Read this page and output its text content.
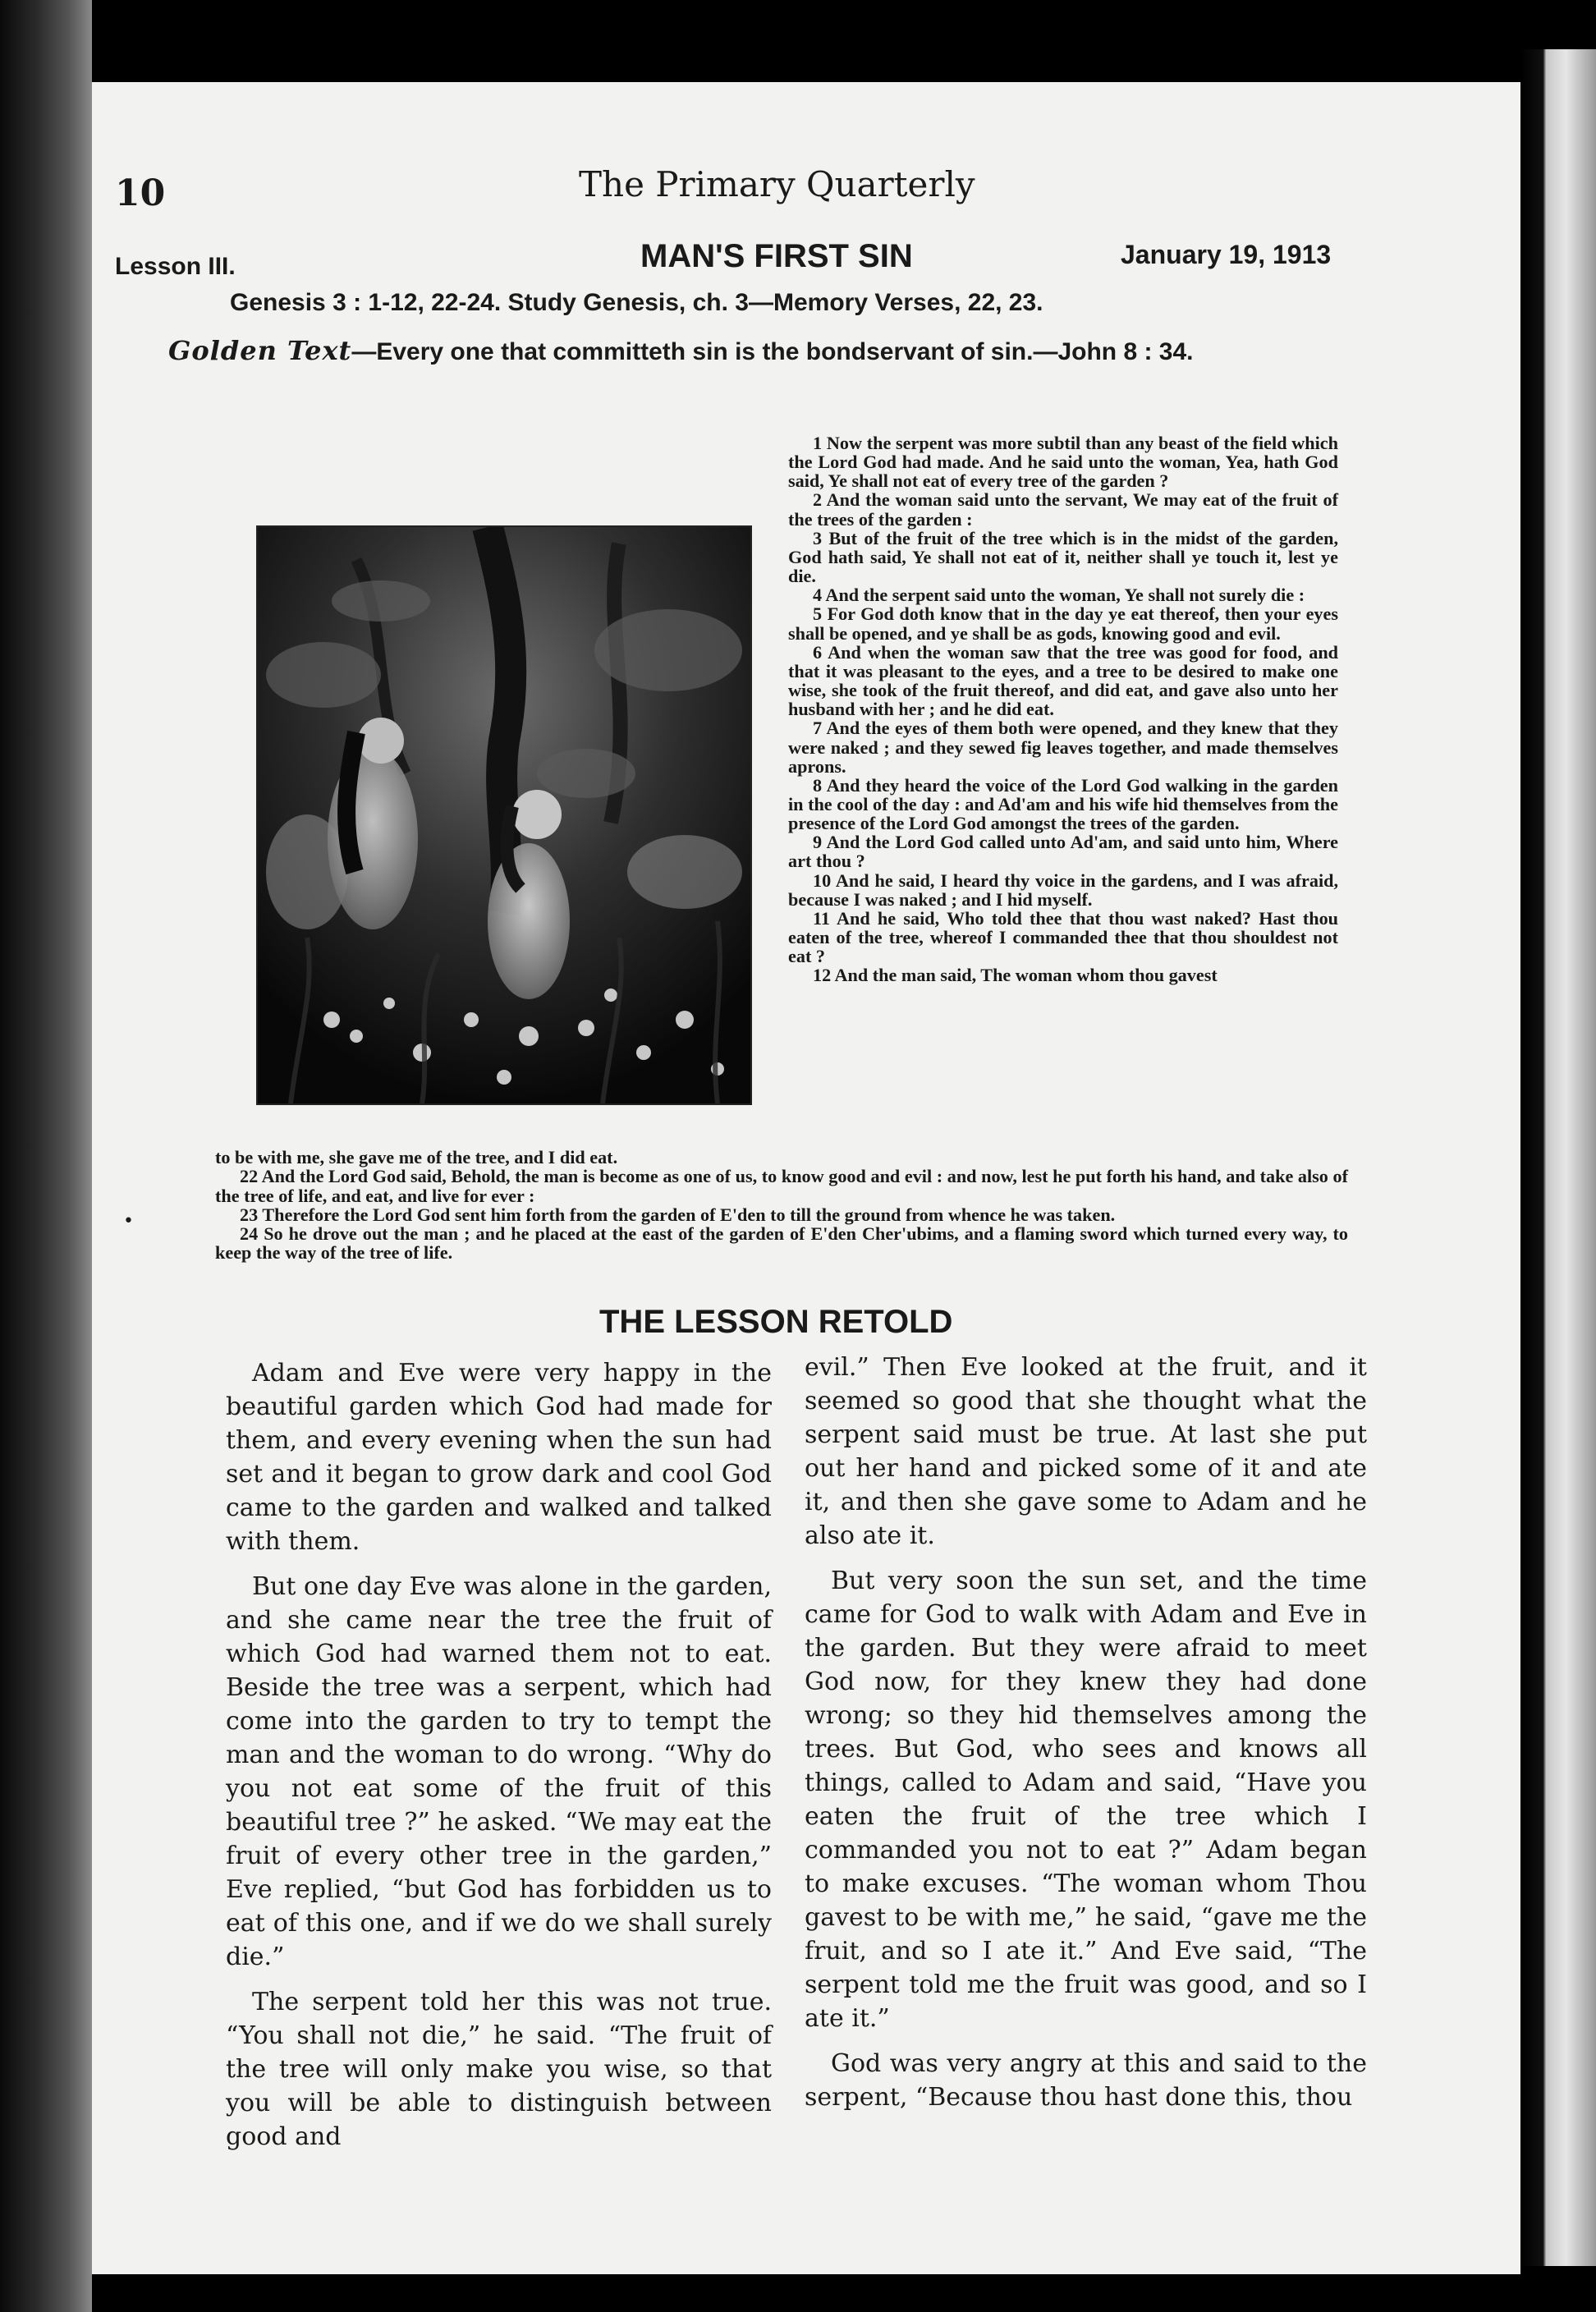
10	The Primary Quarterly
Lesson III.	MAN'S FIRST SIN	January 19, 1913
Genesis 3 : 1-12, 22-24. Study Genesis, ch. 3—Memory Verses, 22, 23.
Golden Text—Every one that committeth sin is the bondservant of sin.—John 8 : 34.

1 Now the serpent was more subtil than any beast of the field which the Lord God had made. And he said unto the woman, Yea, hath God said, Ye shall not eat of every tree of the garden ?

2 And the woman said unto the servant, We may eat of the fruit of the trees of the garden :

3 But of the fruit of the tree which is in the midst of the garden, God hath said, Ye shall not eat of it, neither shall ye touch it, lest ye die.

4 And the serpent said unto the woman, Ye shall not surely die :

5 For God doth know that in the day ye eat thereof, then your eyes shall be opened, and ye shall be as gods, knowing good and evil.

6 And when the woman saw that the tree was good for food, and that it was pleasant to the eyes, and a tree to be desired to make one wise, she took of the fruit thereof, and did eat, and gave also unto her husband with her ; and he did eat.

7 And the eyes of them both were opened, and they knew that they were naked ; and they sewed fig leaves together, and made themselves aprons.

8 And they heard the voice of the Lord God walking in the garden in the cool of the day : and Ad'am and his wife hid themselves from the presence of the Lord God amongst the trees of the garden.

9 And the Lord God called unto Ad'am, and said unto him, Where art thou ?

10 And he said, I heard thy voice in the gardens, and I was afraid, because I was naked ; and I hid myself.

11 And he said, Who told thee that thou wast naked? Hast thou eaten of the tree, whereof I commanded thee that thou shouldest not eat ?

12 And the man said, The woman whom thou gavest

to be with me, she gave me of the tree, and I did eat.

22 And the Lord God said, Behold, the man is become as one of us, to know good and evil : and now, lest he put forth his hand, and take also of the tree of life, and eat, and live for ever :

23 Therefore the Lord God sent him forth from the garden of E'den to till the ground from whence he was taken.

24 So he drove out the man ; and he placed at the east of the garden of E'den Cher'ubims, and a flaming sword which turned every way, to keep the way of the tree of life.

THE LESSON RETOLD

Adam and Eve were very happy in the beautiful garden which God had made for them, and every evening when the sun had set and it began to grow dark and cool God came to the garden and walked and talked with them.

But one day Eve was alone in the garden, and she came near the tree the fruit of which God had warned them not to eat. Beside the tree was a serpent, which had come into the garden to try to tempt the man and the woman to do wrong. “Why do you not eat some of the fruit of this beautiful tree ?” he asked. “We may eat the fruit of every other tree in the garden,” Eve replied, “but God has forbidden us to eat of this one, and if we do we shall surely die.”

The serpent told her this was not true. “You shall not die,” he said. “The fruit of the tree will only make you wise, so that you will be able to distinguish between good and

evil.” Then Eve looked at the fruit, and it seemed so good that she thought what the serpent said must be true. At last she put out her hand and picked some of it and ate it, and then she gave some to Adam and he also ate it.

But very soon the sun set, and the time came for God to walk with Adam and Eve in the garden. But they were afraid to meet God now, for they knew they had done wrong; so they hid themselves among the trees. But God, who sees and knows all things, called to Adam and said, “Have you eaten the fruit of the tree which I commanded you not to eat ?” Adam began to make excuses. “The woman whom Thou gavest to be with me,” he said, “gave me the fruit, and so I ate it.” And Eve said, “The serpent told me the fruit was good, and so I ate it.”

God was very angry at this and said to the serpent, “Because thou hast done this, thou

•
